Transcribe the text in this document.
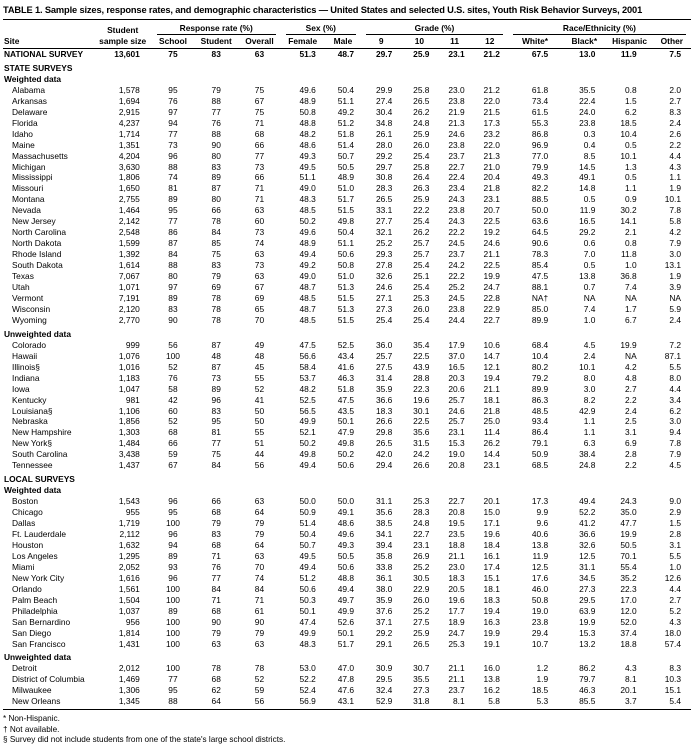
TABLE 1. Sample sizes, response rates, and demographic characteristics — United States and selected U.S. sites, Youth Risk Behavior Surveys, 2001
	Student	Response rate (%)			Sex (%)		Grade (%)				Race/Ethnicity (%)			

Site	sample size	School	Student	Overall	Female	Male	9	10	11	12	White*	Black*	Hispanic	Other
NATIONAL SURVEY	13,601	75	83	63	51.3	48.7	29.7	25.9	23.1	21.2	67.5	13.0	11.9	7.5
STATE SURVEYS														
Weighted data														
Alabama	1,578	95	79	75	49.6	50.4	29.9	25.8	23.0	21.2	61.8	35.5	0.8	2.0
Arkansas	1,694	76	88	67	48.9	51.1	27.4	26.5	23.8	22.0	73.4	22.4	1.5	2.7
Delaware	2,915	97	77	75	50.8	49.2	30.4	26.2	21.9	21.5	61.5	24.0	6.2	8.3
Florida	4,237	94	76	71	48.8	51.2	34.8	24.8	21.3	17.3	55.3	23.8	18.5	2.4
Idaho	1,714	77	88	68	48.2	51.8	26.1	25.9	24.6	23.2	86.8	0.3	10.4	2.6
Maine	1,351	73	90	66	48.6	51.4	28.0	26.0	23.8	22.0	96.9	0.4	0.5	2.2
Massachusetts	4,204	96	80	77	49.3	50.7	29.2	25.4	23.7	21.3	77.0	8.5	10.1	4.4
Michigan	3,630	88	83	73	49.5	50.5	29.7	25.8	22.7	21.0	79.9	14.5	1.3	4.3
Mississippi	1,806	74	89	66	51.1	48.9	30.8	26.4	22.4	20.4	49.3	49.1	0.5	1.1
Missouri	1,650	81	87	71	49.0	51.0	28.3	26.3	23.4	21.8	82.2	14.8	1.1	1.9
Montana	2,755	89	80	71	48.3	51.7	26.5	25.9	24.3	23.1	88.5	0.5	0.9	10.1
Nevada	1,464	95	66	63	48.5	51.5	33.1	22.2	23.8	20.7	50.0	11.9	30.2	7.8
New Jersey	2,142	77	78	60	50.2	49.8	27.7	25.4	24.3	22.5	63.6	16.5	14.1	5.8
North Carolina	2,548	86	84	73	49.6	50.4	32.1	26.2	22.2	19.2	64.5	29.2	2.1	4.2
North Dakota	1,599	87	85	74	48.9	51.1	25.2	25.7	24.5	24.6	90.6	0.6	0.8	7.9
Rhode Island	1,392	84	75	63	49.4	50.6	29.3	25.7	23.7	21.1	78.3	7.0	11.8	3.0
South Dakota	1,614	88	83	73	49.2	50.8	27.8	25.4	24.2	22.5	85.4	0.5	1.0	13.1
Texas	7,067	80	79	63	49.0	51.0	32.6	25.1	22.2	19.9	47.5	13.8	36.8	1.9
Utah	1,071	97	69	67	48.7	51.3	24.6	25.4	25.2	24.7	88.1	0.7	7.4	3.9
Vermont	7,191	89	78	69	48.5	51.5	27.1	25.3	24.5	22.8	NA†	NA	NA	NA
Wisconsin	2,120	83	78	65	48.7	51.3	27.3	26.0	23.8	22.9	85.0	7.4	1.7	5.9
Wyoming	2,770	90	78	70	48.5	51.5	25.4	25.4	24.4	22.7	89.9	1.0	6.7	2.4
Unweighted data														
Colorado	999	56	87	49	47.5	52.5	36.0	35.4	17.9	10.6	68.4	4.5	19.9	7.2
Hawaii	1,076	100	48	48	56.6	43.4	25.7	22.5	37.0	14.7	10.4	2.4	NA	87.1
Illinois§	1,016	52	87	45	58.4	41.6	27.5	43.9	16.5	12.1	80.2	10.1	4.2	5.5
Indiana	1,183	76	73	55	53.7	46.3	31.4	28.8	20.3	19.4	79.2	8.0	4.8	8.0
Iowa	1,047	58	89	52	48.2	51.8	35.9	22.3	20.6	21.1	89.9	3.0	2.7	4.4
Kentucky	981	42	96	41	52.5	47.5	36.6	19.6	25.7	18.1	86.3	8.2	2.2	3.4
Louisiana§	1,106	60	83	50	56.5	43.5	18.3	30.1	24.6	21.8	48.5	42.9	2.4	6.2
Nebraska	1,856	52	95	50	49.9	50.1	26.6	22.5	25.7	25.0	93.4	1.1	2.5	3.0
New Hampshire	1,303	68	81	55	52.1	47.9	29.8	35.6	23.1	11.4	86.4	1.1	3.1	9.4
New York§	1,484	66	77	51	50.2	49.8	26.5	31.5	15.3	26.2	79.1	6.3	6.9	7.8
South Carolina	3,438	59	75	44	49.8	50.2	42.0	24.2	19.0	14.4	50.9	38.4	2.8	7.9
Tennessee	1,437	67	84	56	49.4	50.6	29.4	26.6	20.8	23.1	68.5	24.8	2.2	4.5
LOCAL SURVEYS														
Weighted data														
Boston	1,543	96	66	63	50.0	50.0	31.1	25.3	22.7	20.1	17.3	49.4	24.3	9.0
Chicago	955	95	68	64	50.9	49.1	35.6	28.3	20.8	15.0	9.9	52.2	35.0	2.9
Dallas	1,719	100	79	79	51.4	48.6	38.5	24.8	19.5	17.1	9.6	41.2	47.7	1.5
Ft. Lauderdale	2,112	96	83	79	50.4	49.6	34.1	22.7	23.5	19.6	40.6	36.6	19.9	2.8
Houston	1,632	94	68	64	50.7	49.3	39.4	23.1	18.8	18.4	13.8	32.6	50.5	3.1
Los Angeles	1,295	89	71	63	49.5	50.5	35.8	26.9	21.1	16.1	11.9	12.5	70.1	5.5
Miami	2,052	93	76	70	49.4	50.6	33.8	25.2	23.0	17.4	12.5	31.1	55.4	1.0
New York City	1,616	96	77	74	51.2	48.8	36.1	30.5	18.3	15.1	17.6	34.5	35.2	12.6
Orlando	1,561	100	84	84	50.6	49.4	38.0	22.9	20.5	18.1	46.0	27.3	22.3	4.4
Palm Beach	1,504	100	71	71	50.3	49.7	35.9	26.0	19.6	18.3	50.8	29.5	17.0	2.7
Philadelphia	1,037	89	68	61	50.1	49.9	37.6	25.2	17.7	19.4	19.0	63.9	12.0	5.2
San Bernardino	956	100	90	90	47.4	52.6	37.1	27.5	18.9	16.3	23.8	19.9	52.0	4.3
San Diego	1,814	100	79	79	49.9	50.1	29.2	25.9	24.7	19.9	29.4	15.3	37.4	18.0
San Francisco	1,431	100	63	63	48.3	51.7	29.1	26.5	25.3	19.1	10.7	13.2	18.8	57.4
Unweighted data														
Detroit	2,012	100	78	78	53.0	47.0	30.9	30.7	21.1	16.0	1.2	86.2	4.3	8.3
District of Columbia	1,469	77	68	52	52.2	47.8	29.5	35.5	21.1	13.8	1.9	79.7	8.1	10.3
Milwaukee	1,306	95	62	59	52.4	47.6	32.4	27.3	23.7	16.2	18.5	46.3	20.1	15.1
New Orleans	1,345	88	64	56	56.9	43.1	52.9	31.8	8.1	5.8	5.3	85.5	3.7	5.4
* Non-Hispanic.
† Not available.
§ Survey did not include students from one of the state's large school districts.
